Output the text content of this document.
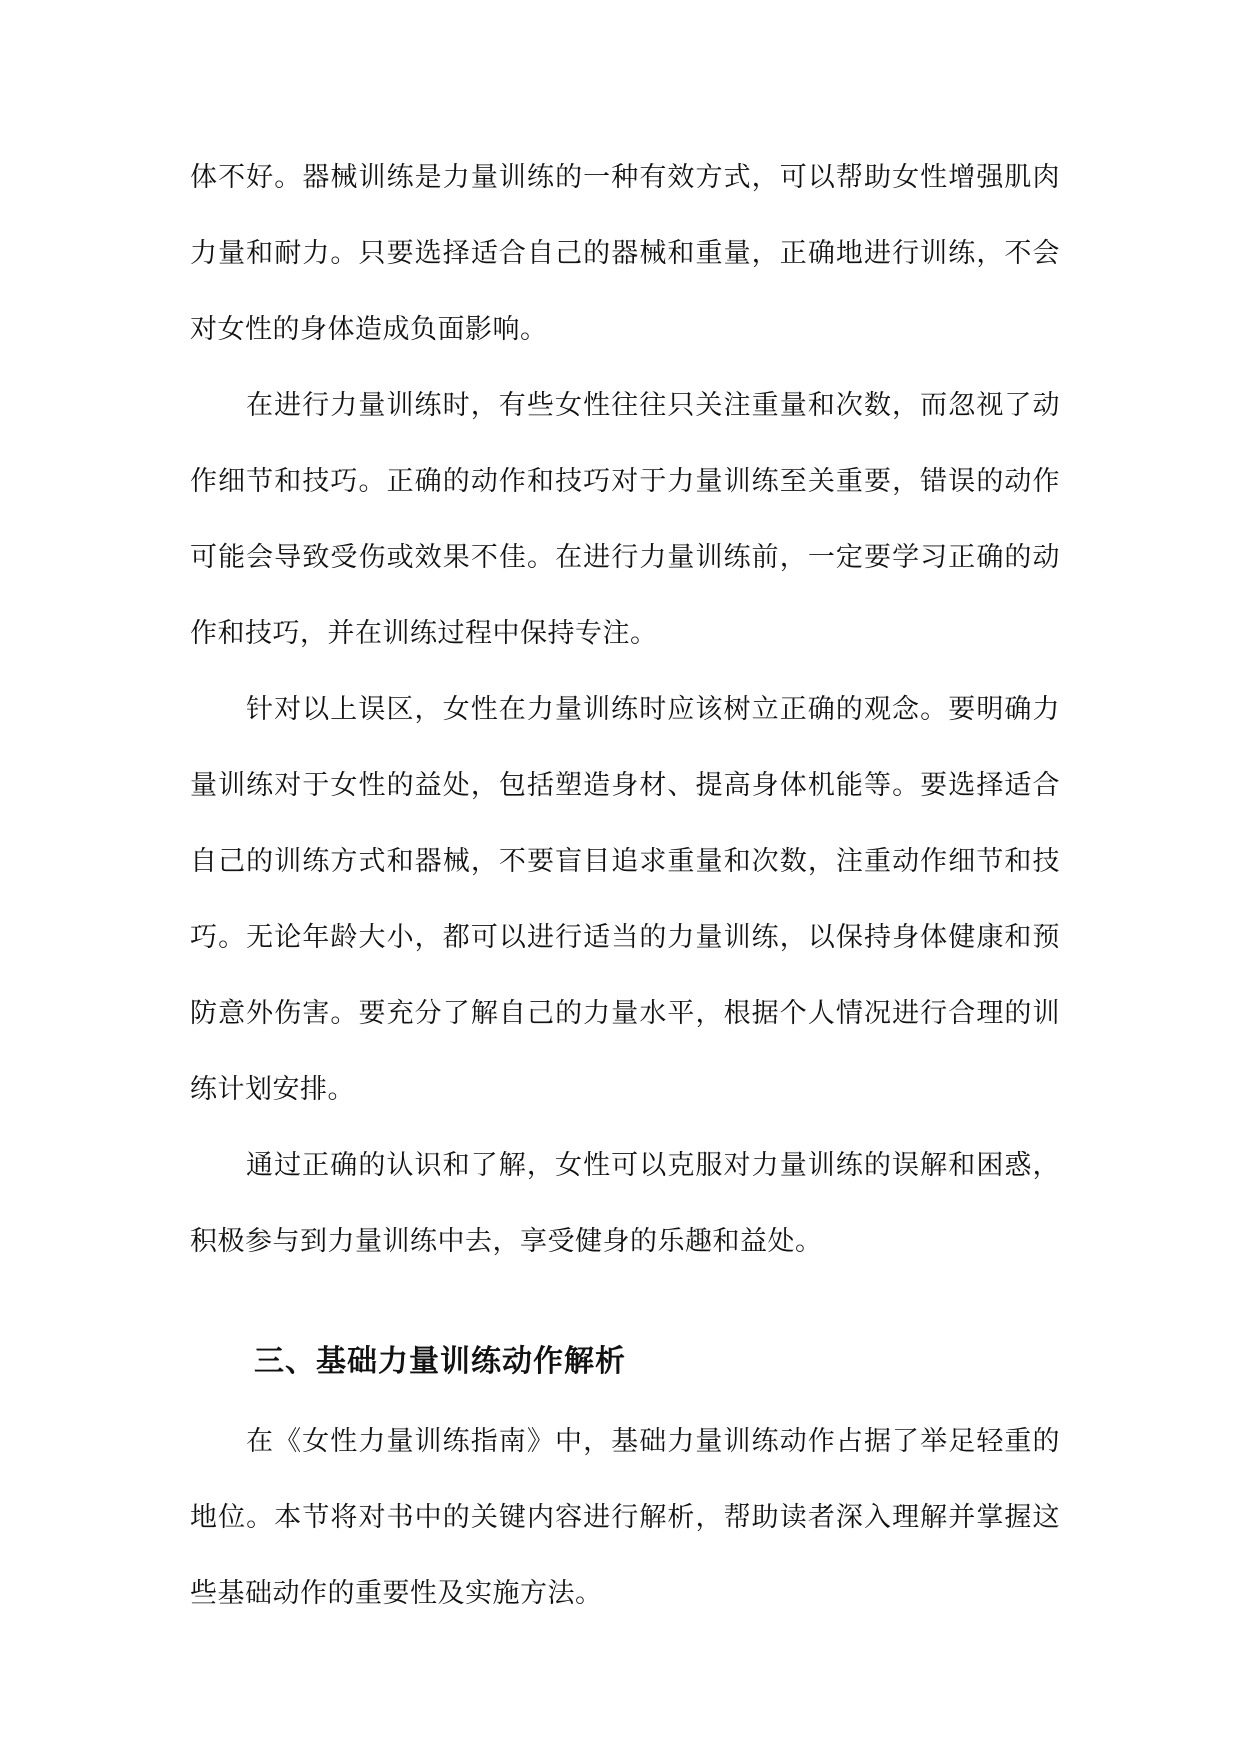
体不好。器械训练是力量训练的一种有效方式，可以帮助女性增强肌肉力量和耐力。只要选择适合自己的器械和重量，正确地进行训练，不会对女性的身体造成负面影响。

在进行力量训练时，有些女性往往只关注重量和次数，而忽视了动作细节和技巧。正确的动作和技巧对于力量训练至关重要，错误的动作可能会导致受伤或效果不佳。在进行力量训练前，一定要学习正确的动作和技巧，并在训练过程中保持专注。

针对以上误区，女性在力量训练时应该树立正确的观念。要明确力量训练对于女性的益处，包括塑造身材、提高身体机能等。要选择适合自己的训练方式和器械，不要盲目追求重量和次数，注重动作细节和技巧。无论年龄大小，都可以进行适当的力量训练，以保持身体健康和预防意外伤害。要充分了解自己的力量水平，根据个人情况进行合理的训练计划安排。

通过正确的认识和了解，女性可以克服对力量训练的误解和困惑，积极参与到力量训练中去，享受健身的乐趣和益处。

三、基础力量训练动作解析

在《女性力量训练指南》中，基础力量训练动作占据了举足轻重的地位。本节将对书中的关键内容进行解析，帮助读者深入理解并掌握这些基础动作的重要性及实施方法。
